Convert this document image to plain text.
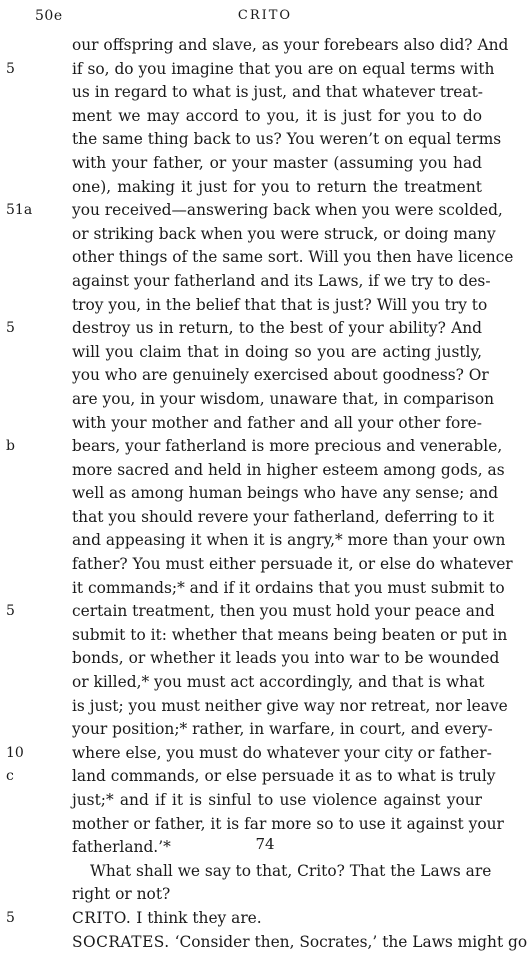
50e	CRITO
our offspring and slave, as your forebears also did? And
5	if so, do you imagine that you are on equal terms with
us in regard to what is just, and that whatever treat-
ment we may accord to you, it is just for you to do
the same thing back to us? You weren’t on equal terms
with your father, or your master (assuming you had
one), making it just for you to return the treatment
51a	you received—answering back when you were scolded,
or striking back when you were struck, or doing many
other things of the same sort. Will you then have licence
against your fatherland and its Laws, if we try to des-
troy you, in the belief that that is just? Will you try to
5	destroy us in return, to the best of your ability? And
will you claim that in doing so you are acting justly,
you who are genuinely exercised about goodness? Or
are you, in your wisdom, unaware that, in comparison
with your mother and father and all your other fore-
b	bears, your fatherland is more precious and venerable,
more sacred and held in higher esteem among gods, as
well as among human beings who have any sense; and
that you should revere your fatherland, deferring to it
and appeasing it when it is angry,* more than your own
father? You must either persuade it, or else do whatever
it commands;* and if it ordains that you must submit to
5	certain treatment, then you must hold your peace and
submit to it: whether that means being beaten or put in
bonds, or whether it leads you into war to be wounded
or killed,* you must act accordingly, and that is what
is just; you must neither give way nor retreat, nor leave
your position;* rather, in warfare, in court, and every-
10	where else, you must do whatever your city or father-
c	land commands, or else persuade it as to what is truly
just;* and if it is sinful to use violence against your
mother or father, it is far more so to use it against your
fatherland.’*
What shall we say to that, Crito? That the Laws are
right or not?
5	CRITO. I think they are.
SOCRATES. ‘Consider then, Socrates,’ the Laws might go
74
